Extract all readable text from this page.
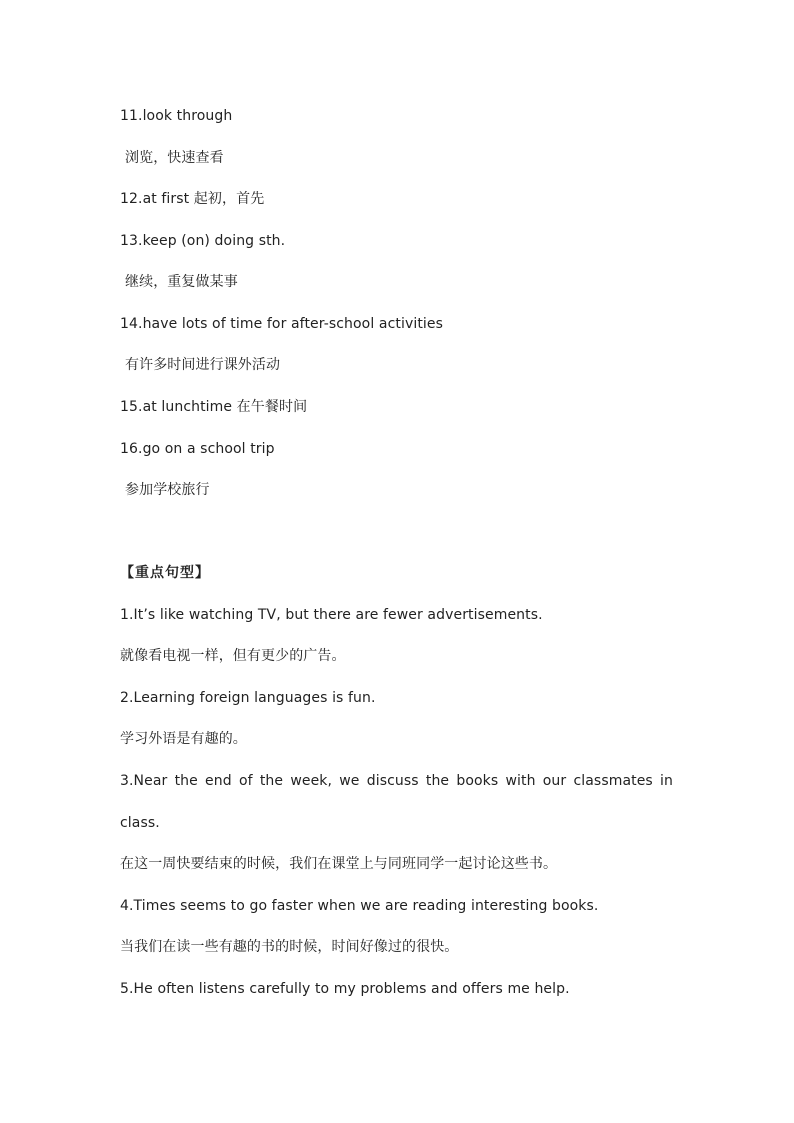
11.look through
浏览，快速查看
12.at first 起初，首先
13.keep (on) doing sth.
继续，重复做某事
14.have lots of time for after-school activities
有许多时间进行课外活动
15.at lunchtime 在午餐时间
16.go on a school trip
参加学校旅行
【重点句型】
1.It’s like watching TV, but there are fewer advertisements.
就像看电视一样，但有更少的广告。
2.Learning foreign languages is fun.
学习外语是有趣的。
3.Near the end of the week, we discuss the books with our classmates in
class.
在这一周快要结束的时候，我们在课堂上与同班同学一起讨论这些书。
4.Times seems to go faster when we are reading interesting books.
当我们在读一些有趣的书的时候，时间好像过的很快。
5.He often listens carefully to my problems and offers me help.
